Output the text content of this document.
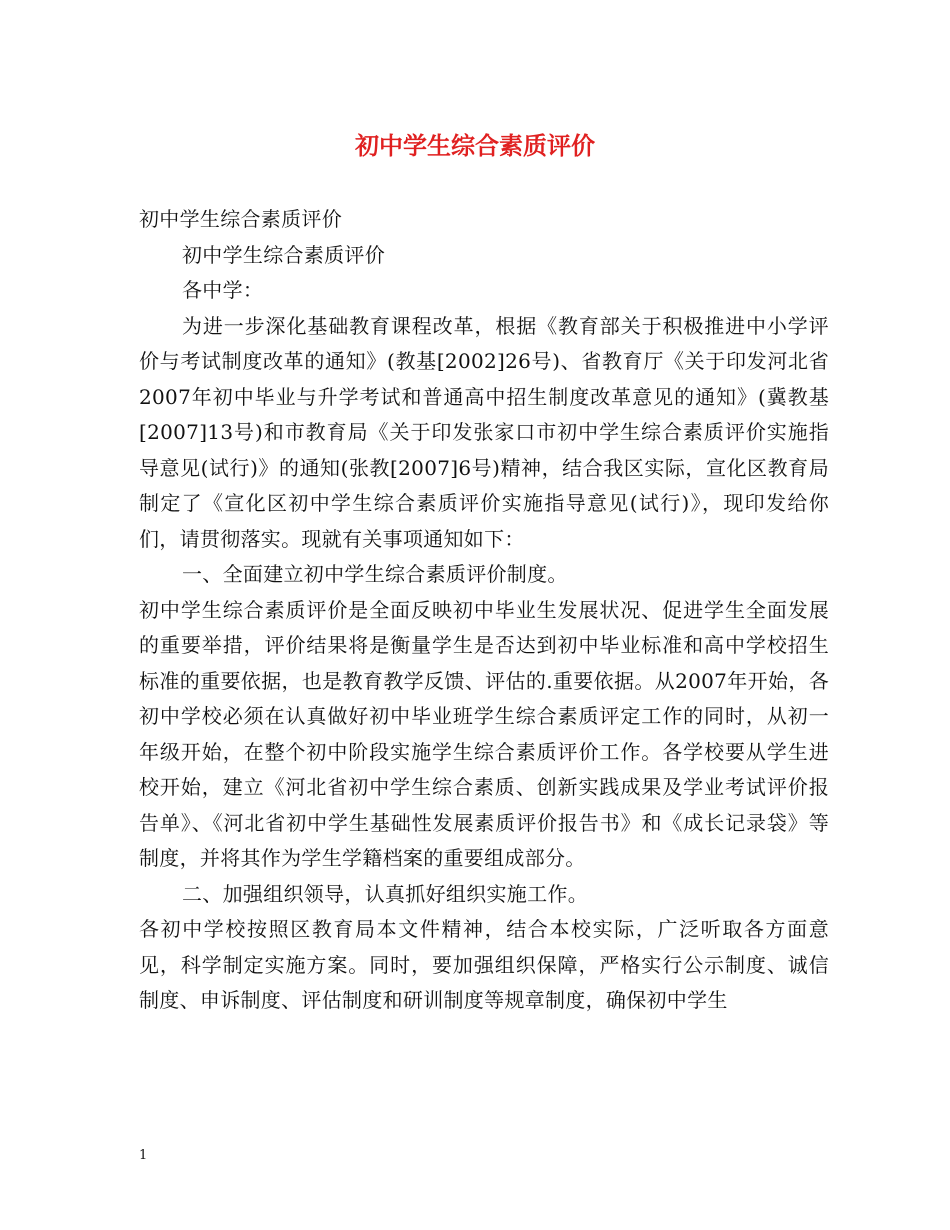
初中学生综合素质评价

初中学生综合素质评价

初中学生综合素质评价

各中学：

为进一步深化基础教育课程改革，根据《教育部关于积极推进中小学评价与考试制度改革的通知》(教基[2002]26号)、省教育厅《关于印发河北省2007年初中毕业与升学考试和普通高中招生制度改革意见的通知》(冀教基[2007]13号)和市教育局《关于印发张家口市初中学生综合素质评价实施指导意见(试行)》的通知(张教[2007]6号)精神，结合我区实际，宣化区教育局制定了《宣化区初中学生综合素质评价实施指导意见(试行)》，现印发给你们，请贯彻落实。现就有关事项通知如下：

一、全面建立初中学生综合素质评价制度。

初中学生综合素质评价是全面反映初中毕业生发展状况、促进学生全面发展的重要举措，评价结果将是衡量学生是否达到初中毕业标准和高中学校招生标准的重要依据，也是教育教学反馈、评估的.重要依据。从2007年开始，各初中学校必须在认真做好初中毕业班学生综合素质评定工作的同时，从初一年级开始，在整个初中阶段实施学生综合素质评价工作。各学校要从学生进校开始，建立《河北省初中学生综合素质、创新实践成果及学业考试评价报告单》、《河北省初中学生基础性发展素质评价报告书》和《成长记录袋》等制度，并将其作为学生学籍档案的重要组成部分。

二、加强组织领导，认真抓好组织实施工作。

各初中学校按照区教育局本文件精神，结合本校实际，广泛听取各方面意见，科学制定实施方案。同时，要加强组织保障，严格实行公示制度、诚信制度、申诉制度、评估制度和研训制度等规章制度，确保初中学生

1
